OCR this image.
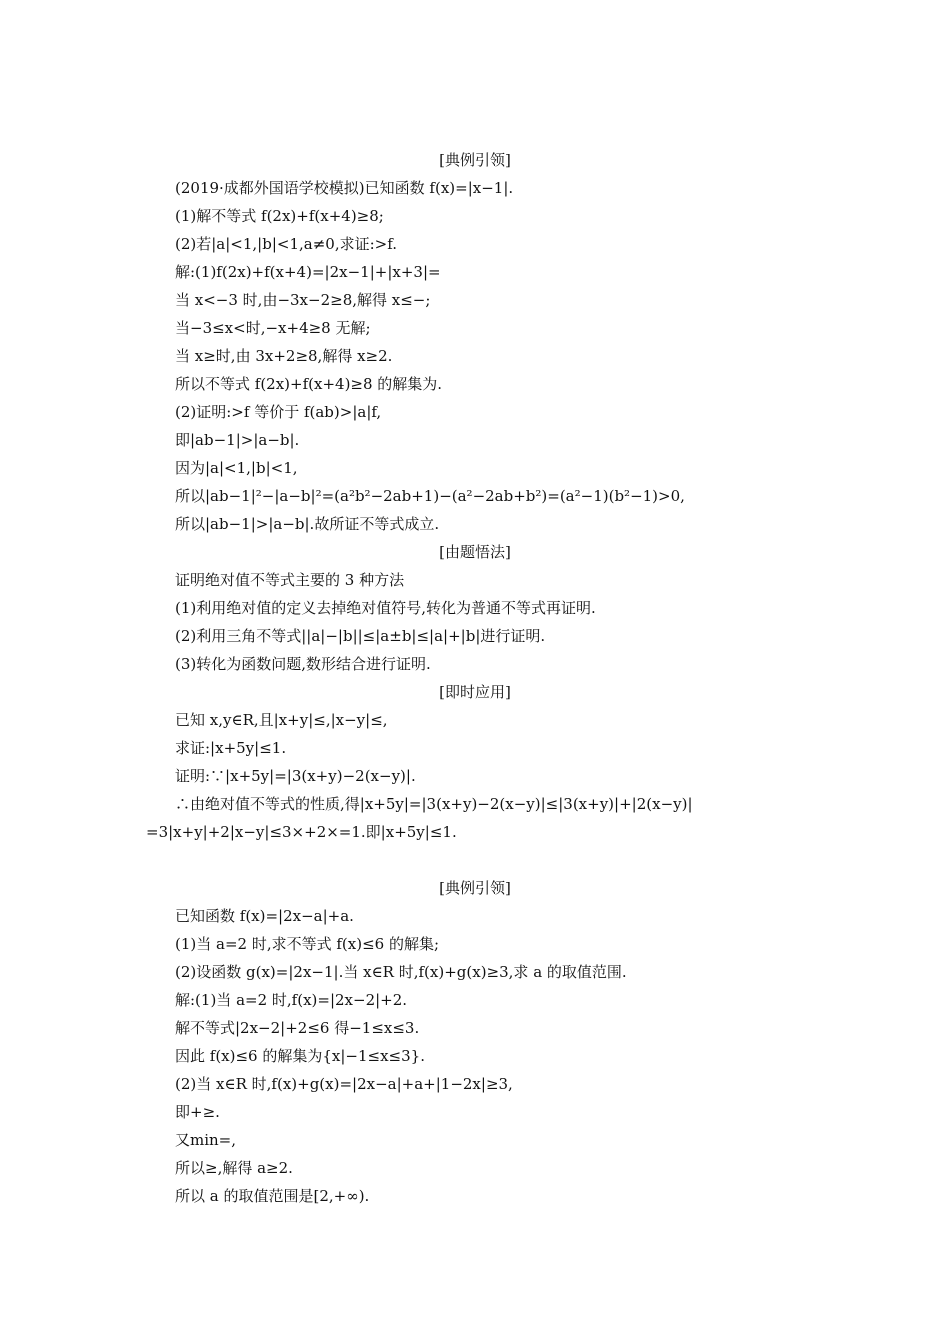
[典例引领]
(2019·成都外国语学校模拟)已知函数 f(x)=|x−1|.
(1)解不等式 f(2x)+f(x+4)≥8;
(2)若|a|<1,|b|<1,a≠0,求证:>f.
解:(1)f(2x)+f(x+4)=|2x−1|+|x+3|=
当 x<−3 时,由−3x−2≥8,解得 x≤−;
当−3≤x<时,−x+4≥8 无解;
当 x≥时,由 3x+2≥8,解得 x≥2.
所以不等式 f(2x)+f(x+4)≥8 的解集为.
(2)证明:>f 等价于 f(ab)>|a|f,
即|ab−1|>|a−b|.
因为|a|<1,|b|<1,
所以|ab−1|²−|a−b|²=(a²b²−2ab+1)−(a²−2ab+b²)=(a²−1)(b²−1)>0,
所以|ab−1|>|a−b|.故所证不等式成立.
[由题悟法]
证明绝对值不等式主要的 3 种方法
(1)利用绝对值的定义去掉绝对值符号,转化为普通不等式再证明.
(2)利用三角不等式||a|−|b||≤|a±b|≤|a|+|b|进行证明.
(3)转化为函数问题,数形结合进行证明.
[即时应用]
已知 x,y∈R,且|x+y|≤,|x−y|≤,
求证:|x+5y|≤1.
证明:∵|x+5y|=|3(x+y)−2(x−y)|.
∴由绝对值不等式的性质,得|x+5y|=|3(x+y)−2(x−y)|≤|3(x+y)|+|2(x−y)|
=3|x+y|+2|x−y|≤3×+2×=1.即|x+5y|≤1.
[典例引领]
已知函数 f(x)=|2x−a|+a.
(1)当 a=2 时,求不等式 f(x)≤6 的解集;
(2)设函数 g(x)=|2x−1|.当 x∈R 时,f(x)+g(x)≥3,求 a 的取值范围.
解:(1)当 a=2 时,f(x)=|2x−2|+2.
解不等式|2x−2|+2≤6 得−1≤x≤3.
因此 f(x)≤6 的解集为{x|−1≤x≤3}.
(2)当 x∈R 时,f(x)+g(x)=|2x−a|+a+|1−2x|≥3,
即+≥.
又min=,
所以≥,解得 a≥2.
所以 a 的取值范围是[2,+∞).
